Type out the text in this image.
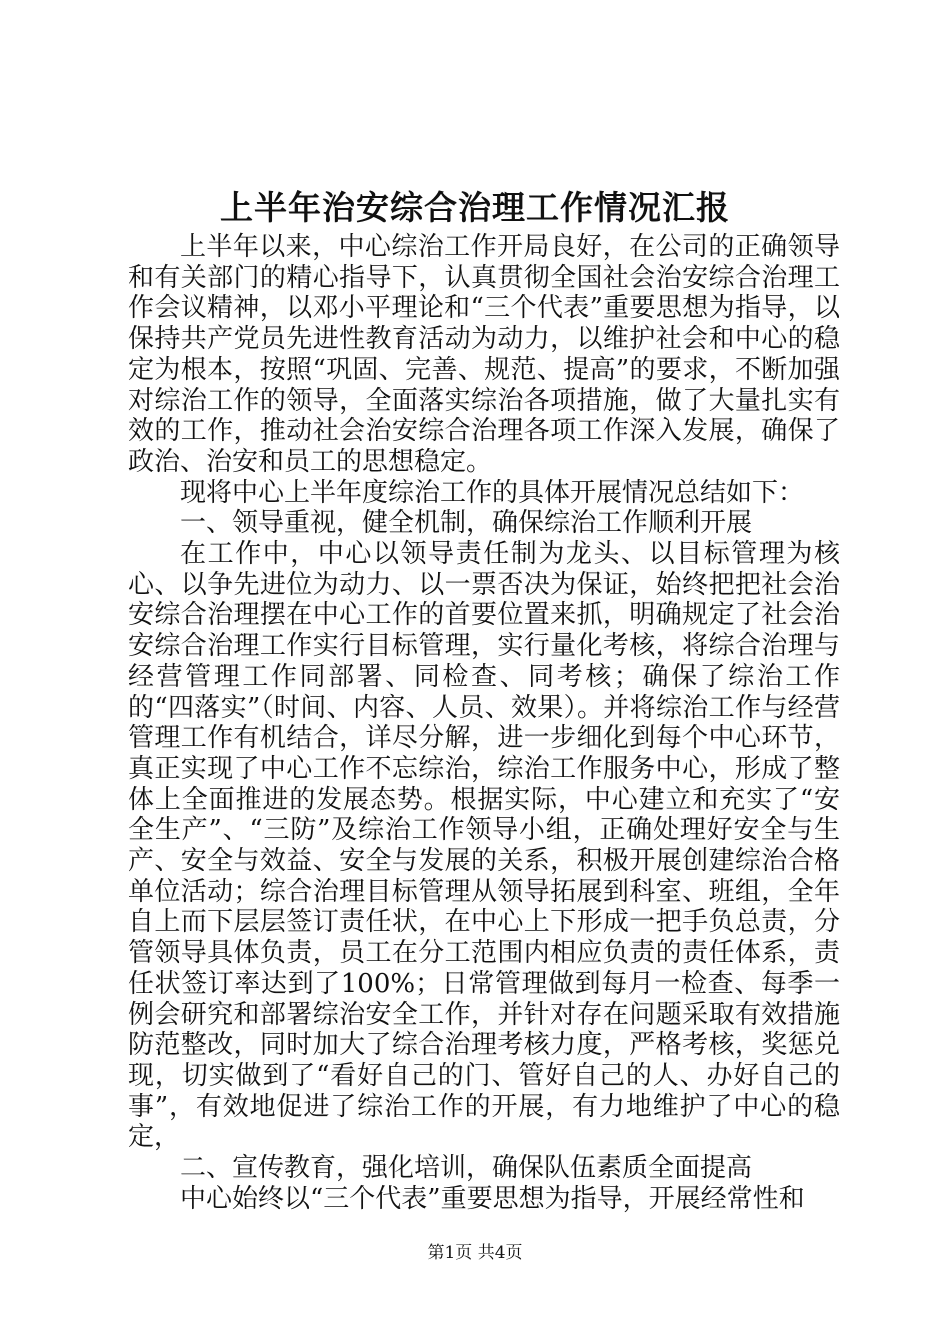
上半年治安综合治理工作情况汇报

上半年以来，中心综治工作开局良好，在公司的正确领导和有关部门的精心指导下，认真贯彻全国社会治安综合治理工作会议精神，以邓小平理论和“三个代表”重要思想为指导，以保持共产党员先进性教育活动为动力，以维护社会和中心的稳定为根本，按照“巩固、完善、规范、提高”的要求，不断加强对综治工作的领导，全面落实综治各项措施，做了大量扎实有效的工作，推动社会治安综合治理各项工作深入发展，确保了政治、治安和员工的思想稳定。

现将中心上半年度综治工作的具体开展情况总结如下：

一、领导重视，健全机制，确保综治工作顺利开展

在工作中，中心以领导责任制为龙头、以目标管理为核心、以争先进位为动力、以一票否决为保证，始终把把社会治安综合治理摆在中心工作的首要位置来抓，明确规定了社会治安综合治理工作实行目标管理，实行量化考核，将综合治理与经营管理工作同部署、同检查、同考核；确保了综治工作的“四落实”（时间、内容、人员、效果）。并将综治工作与经营管理工作有机结合，详尽分解，进一步细化到每个中心环节，真正实现了中心工作不忘综治，综治工作服务中心，形成了整体上全面推进的发展态势。根据实际，中心建立和充实了“安全生产”、“三防”及综治工作领导小组，正确处理好安全与生产、安全与效益、安全与发展的关系，积极开展创建综治合格单位活动；综合治理目标管理从领导拓展到科室、班组，全年自上而下层层签订责任状，在中心上下形成一把手负总责，分管领导具体负责，员工在分工范围内相应负责的责任体系，责任状签订率达到了100%；日常管理做到每月一检查、每季一例会研究和部署综治安全工作，并针对存在问题采取有效措施防范整改，同时加大了综合治理考核力度，严格考核，奖惩兑现，切实做到了“看好自己的门、管好自己的人、办好自己的事”，有效地促进了综治工作的开展，有力地维护了中心的稳定，

二、宣传教育，强化培训，确保队伍素质全面提高

中心始终以“三个代表”重要思想为指导，开展经常性和

第1页 共4页
